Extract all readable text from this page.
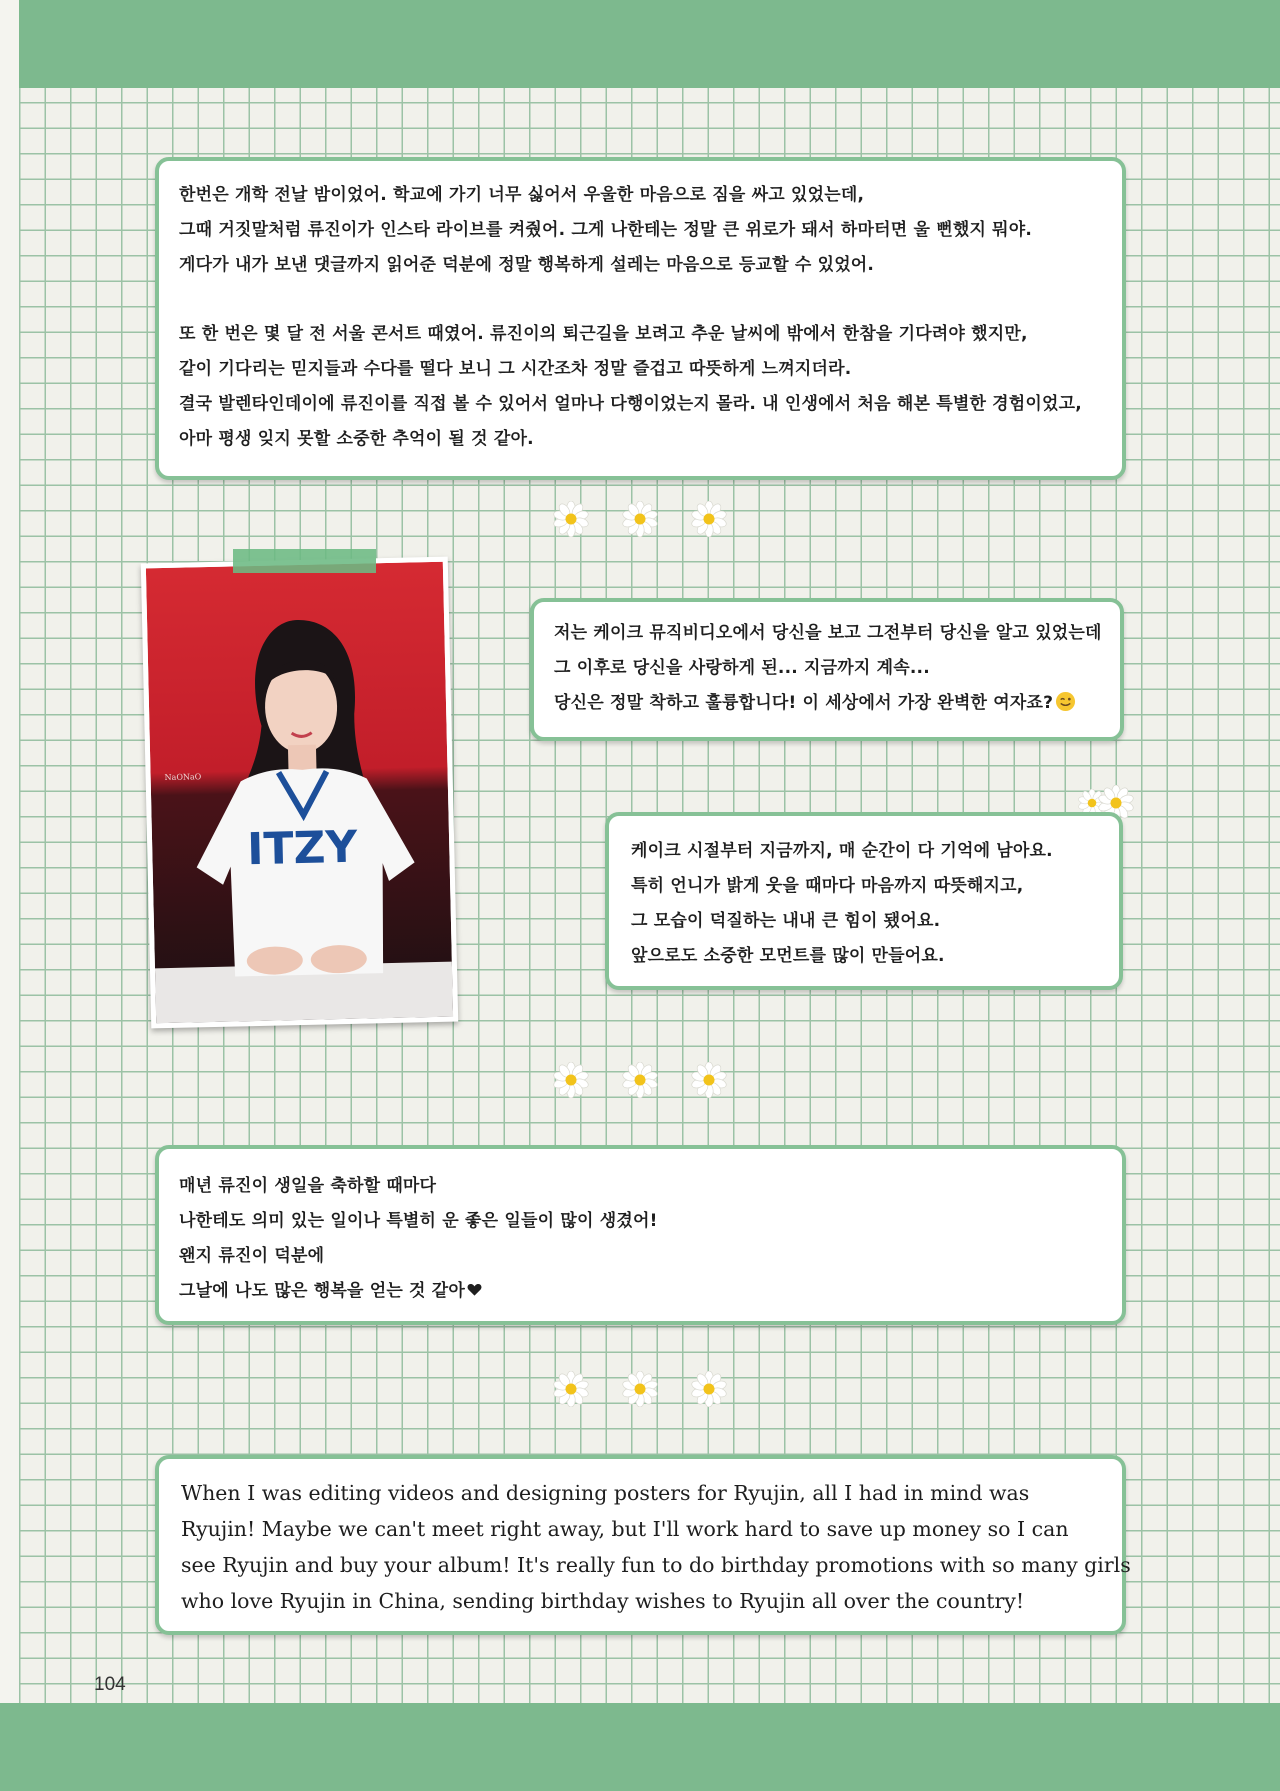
한번은 개학 전날 밤이었어. 학교에 가기 너무 싫어서 우울한 마음으로 짐을 싸고 있었는데,

그때 거짓말처럼 류진이가 인스타 라이브를 켜줬어. 그게 나한테는 정말 큰 위로가 돼서 하마터면 울 뻔했지 뭐야.

게다가 내가 보낸 댓글까지 읽어준 덕분에 정말 행복하게 설레는 마음으로 등교할 수 있었어.

또 한 번은 몇 달 전 서울 콘서트 때였어. 류진이의 퇴근길을 보려고 추운 날씨에 밖에서 한참을 기다려야 했지만,

같이 기다리는 믿지들과 수다를 떨다 보니 그 시간조차 정말 즐겁고 따뜻하게 느껴지더라.

결국 발렌타인데이에 류진이를 직접 볼 수 있어서 얼마나 다행이었는지 몰라. 내 인생에서 처음 해본 특별한 경험이었고,

아마 평생 잊지 못할 소중한 추억이 될 것 같아.

ITZY
NaONaO

저는 케이크 뮤직비디오에서 당신을 보고 그전부터 당신을 알고 있었는데

그 이후로 당신을 사랑하게 된... 지금까지 계속...

당신은 정말 착하고 훌륭합니다! 이 세상에서 가장 완벽한 여자죠?

케이크 시절부터 지금까지, 매 순간이 다 기억에 남아요.

특히 언니가 밝게 웃을 때마다 마음까지 따뜻해지고,

그 모습이 덕질하는 내내 큰 힘이 됐어요.

앞으로도 소중한 모먼트를 많이 만들어요.

매년 류진이 생일을 축하할 때마다

나한테도 의미 있는 일이나 특별히 운 좋은 일들이 많이 생겼어!

왠지 류진이 덕분에

그날에 나도 많은 행복을 얻는 것 같아

When I was editing videos and designing posters for Ryujin, all I had in mind was

Ryujin! Maybe we can't meet right away, but I'll work hard to save up money so I can

see Ryujin and buy your album! It's really fun to do birthday promotions with so many girls

who love Ryujin in China, sending birthday wishes to Ryujin all over the country!

104
